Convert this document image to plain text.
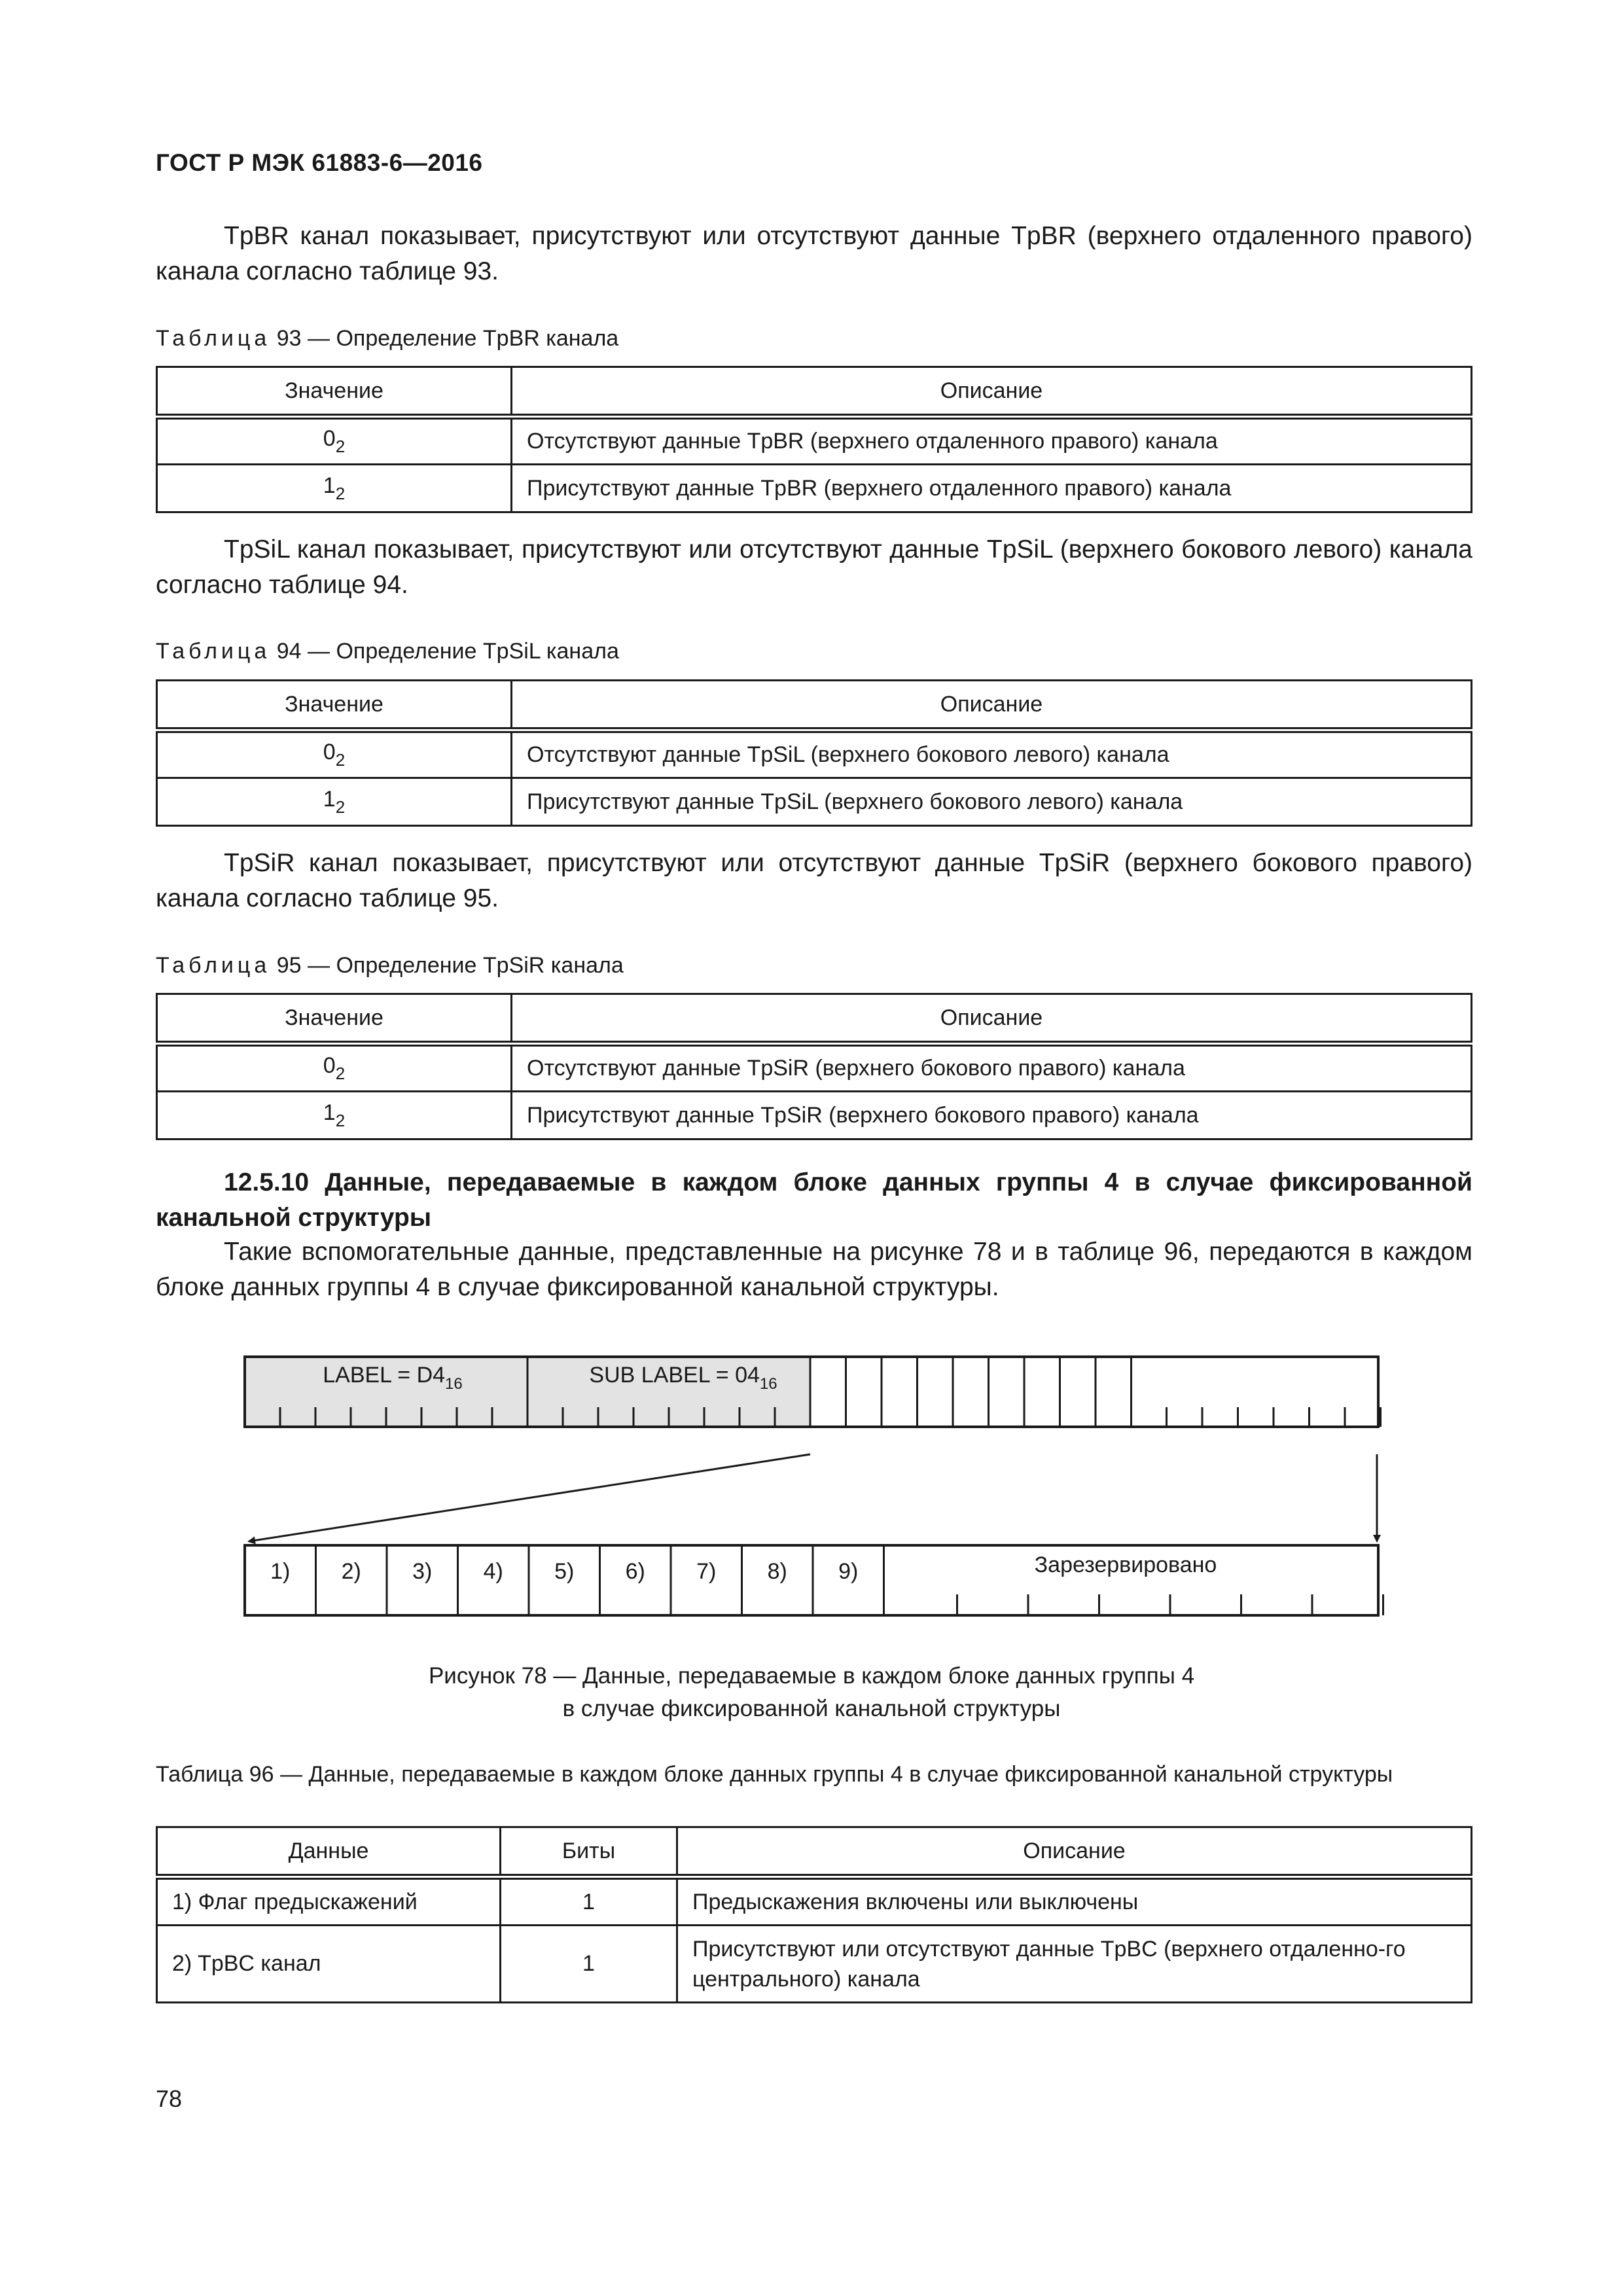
ГОСТ Р МЭК 61883-6—2016
TpBR канал показывает, присутствуют или отсутствуют данные TpBR (верхнего отдаленного правого) канала согласно таблице 93.
Таблица 93 — Определение TpBR канала
Значение	Описание
$0_2$	Отсутствуют данные TpBR (верхнего отдаленного правого) канала
$1_2$	Присутствуют данные TpBR (верхнего отдаленного правого) канала
TpSiL канал показывает, присутствуют или отсутствуют данные TpSiL (верхнего бокового левого) канала согласно таблице 94.
Таблица 94 — Определение TpSiL канала
Значение	Описание
$0_2$	Отсутствуют данные TpSiL (верхнего бокового левого) канала
$1_2$	Присутствуют данные TpSiL (верхнего бокового левого) канала
TpSiR канал показывает, присутствуют или отсутствуют данные TpSiR (верхнего бокового правого) канала согласно таблице 95.
Таблица 95 — Определение TpSiR канала
Значение	Описание
$0_2$	Отсутствуют данные TpSiR (верхнего бокового правого) канала
$1_2$	Присутствуют данные TpSiR (верхнего бокового правого) канала
12.5.10 Данные, передаваемые в каждом блоке данных группы 4 в случае фиксированной канальной структуры
Такие вспомогательные данные, представленные на рисунке 78 и в таблице 96, передаются в каждом блоке данных группы 4 в случае фиксированной канальной структуры.
LABEL = $D4_{16}$	SUB LABEL = $04_{16}$
1) 2) 3) 4) 5) 6) 7) 8) 9)	Зарезервировано
Рисунок 78 — Данные, передаваемые в каждом блоке данных группы 4
в случае фиксированной канальной структуры
Таблица 96 — Данные, передаваемые в каждом блоке данных группы 4 в случае фиксированной канальной структуры
Данные	Биты	Описание
1) Флаг предыскажений	1	Предыскажения включены или выключены
2) TpBC канал	1	Присутствуют или отсутствуют данные TpBC (верхнего отдаленно-го центрального) канала
78
